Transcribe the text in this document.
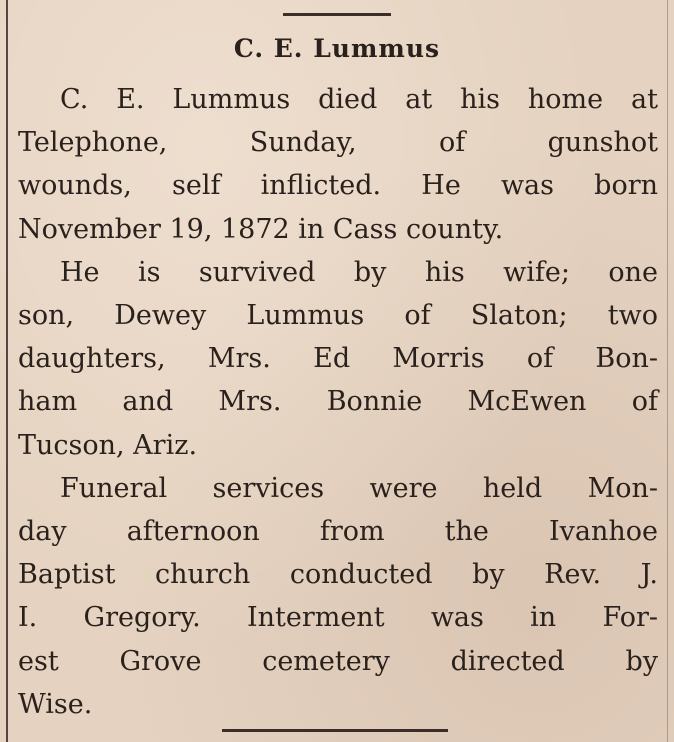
C. E. Lummus
C. E. Lummus died at his home at
Telephone, Sunday, of gunshot
wounds, self inflicted. He was born
November 19, 1872 in Cass county.
He is survived by his wife; one
son, Dewey Lummus of Slaton; two
daughters, Mrs. Ed Morris of Bon-
ham and Mrs. Bonnie McEwen of
Tucson, Ariz.
Funeral services were held Mon-
day afternoon from the Ivanhoe
Baptist church conducted by Rev. J.
I. Gregory. Interment was in For-
est Grove cemetery directed by
Wise.
